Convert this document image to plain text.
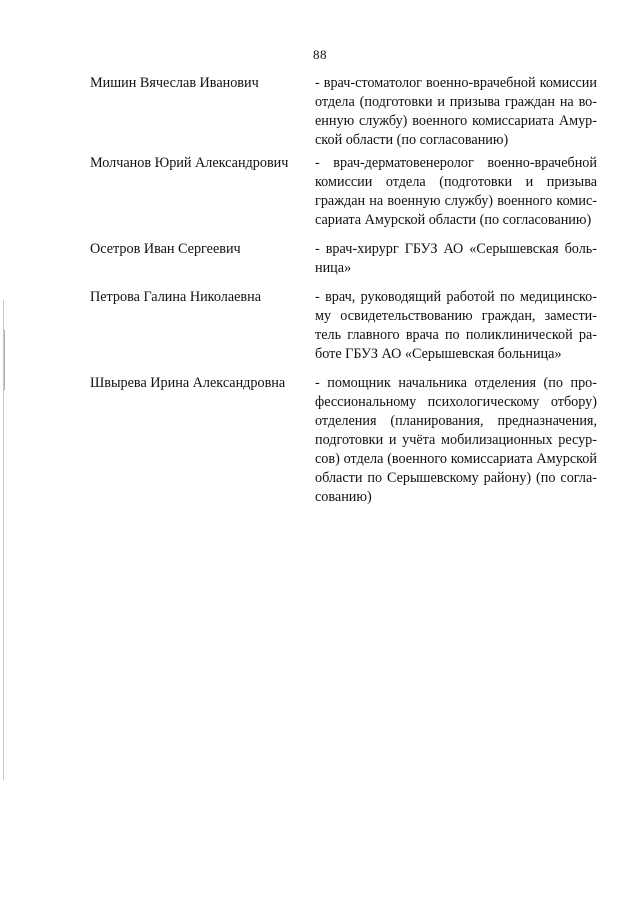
88
Мишин Вячеслав Иванович	- врач-стоматолог военно-врачебной комиссии
отдела (подготовки и призыва граждан на во-
енную службу) военного комиссариата Амур-
ской области (по согласованию)
Молчанов Юрий Александрович	- врач-дерматовенеролог военно-врачебной
комиссии отдела (подготовки и призыва
граждан на военную службу) военного комис-
сариата Амурской области (по согласованию)
Осетров Иван Сергеевич	- врач-хирург ГБУЗ АО «Серышевская боль-
ница»
Петрова Галина Николаевна	- врач, руководящий работой по медицинско-
му освидетельствованию граждан, замести-
тель главного врача по поликлинической ра-
боте ГБУЗ АО «Серышевская больница»
Швырева Ирина Александровна	- помощник начальника отделения (по про-
фессиональному психологическому отбору)
отделения (планирования, предназначения,
подготовки и учёта мобилизационных ресур-
сов) отдела (военного комиссариата Амурской
области по Серышевскому району) (по согла-
сованию)
